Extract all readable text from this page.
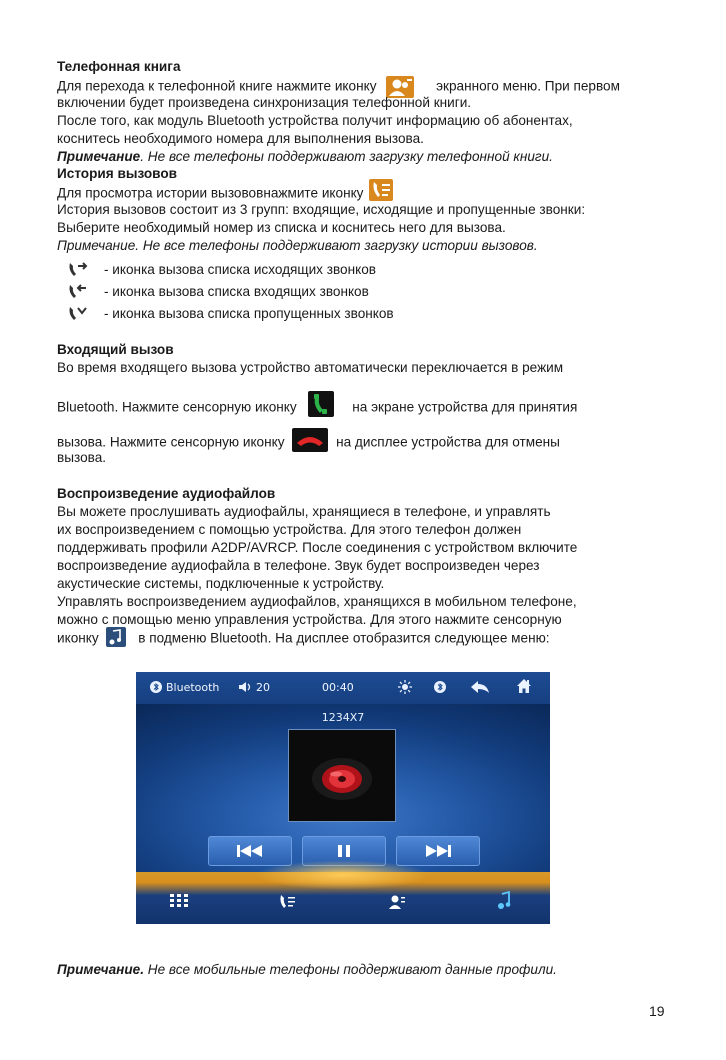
Телефонная книга
Для перехода к телефонной книге нажмите иконку	экранного меню. При первом
включении будет произведена синхронизация телефонной книги.
После того, как модуль Bluetooth устройства получит информацию об абонентах,
коснитесь необходимого номера для выполнения вызова.
Примечание. Не все телефоны поддерживают загрузку телефонной книги.
История вызовов
Для просмотра истории вызововнажмите иконку
История вызовов состоит из 3 групп: входящие, исходящие и пропущенные звонки:
Выберите необходимый номер из списка и коснитесь него для вызова.
Примечание. Не все телефоны поддерживают загрузку истории вызовов.
- иконка вызова списка исходящих звонков
- иконка вызова списка входящих звонков
- иконка вызова списка пропущенных звонков
Входящий вызов
Во время входящего вызова устройство автоматически переключается в режим
Bluetooth. Нажмите сенсорную иконку	на экране устройства для принятия
вызова. Нажмите сенсорную иконку	на дисплее устройства для отмены
вызова.
Воспроизведение аудиофайлов
Вы можете прослушивать аудиофайлы, хранящиеся в телефоне, и управлять
их воспроизведением с помощью устройства. Для этого телефон должен
поддерживать профили A2DP/AVRCP. После соединения с устройством включите
воспроизведение аудиофайла в телефоне. Звук будет воспроизведен через
акустические системы, подключенные к устройству.
Управлять воспроизведением аудиофайлов, хранящихся в мобильном телефоне,
можно с помощью меню управления устройства. Для этого нажмите сенсорную
иконку	в подменю Bluetooth. На дисплее отобразится следующее меню:
Bluetooth	20	00:40
1234X7
Примечание. Не все мобильные телефоны поддерживают данные профили.
19
